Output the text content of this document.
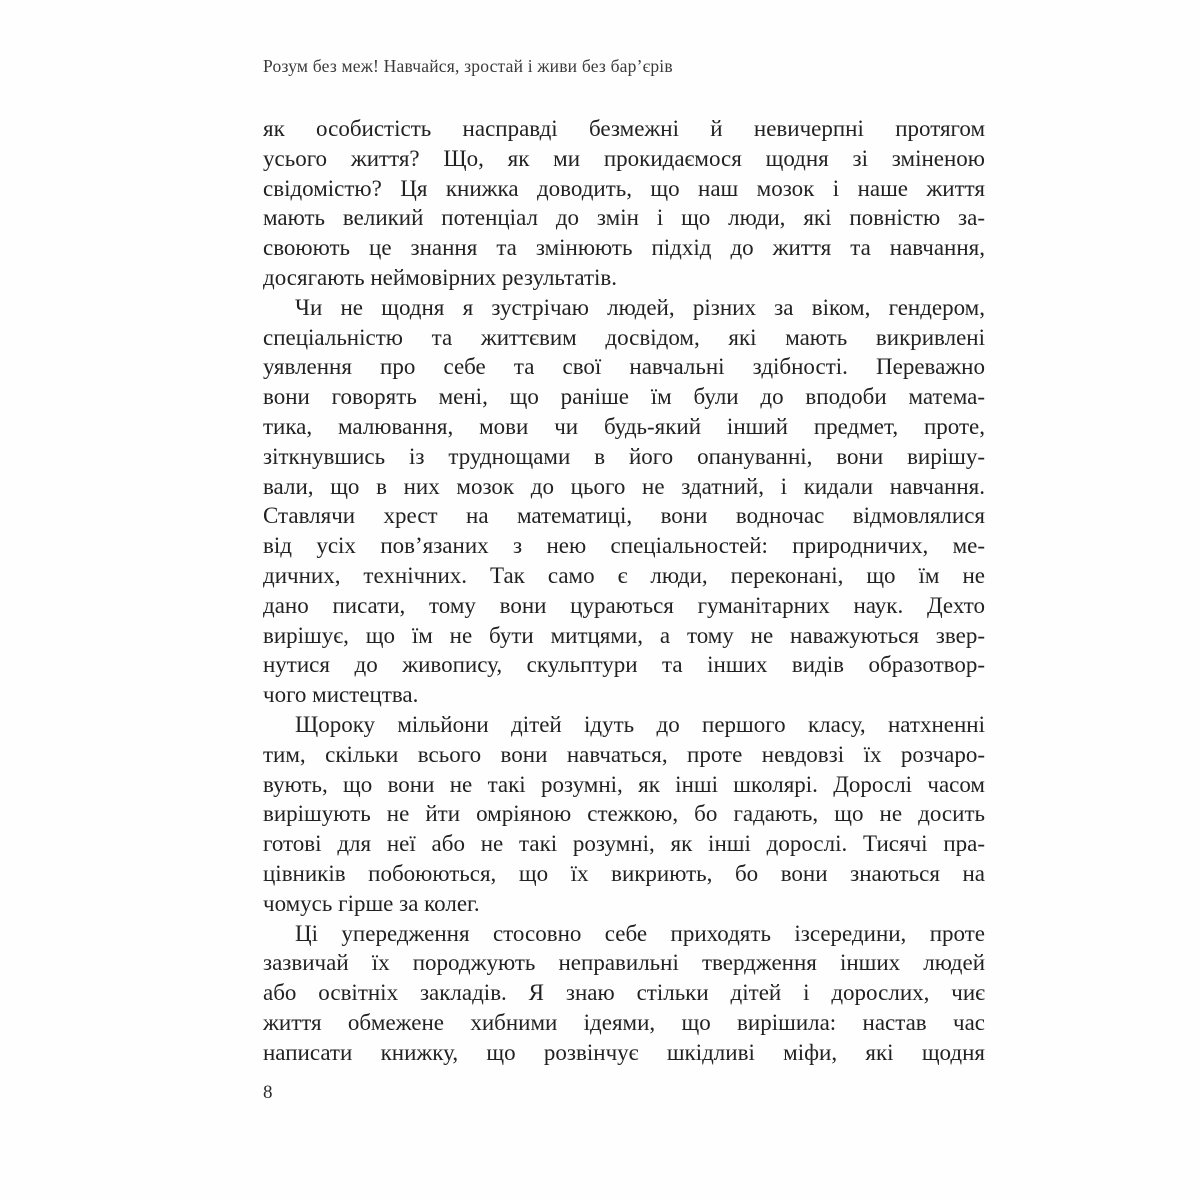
Розум без меж! Навчайся, зростай і живи без бар’єрів
як особистість насправді безмежні й невичерпні протягом
усього життя? Що, як ми прокидаємося щодня зі зміненою
свідомістю? Ця книжка доводить, що наш мозок і наше життя
мають великий потенціал до змін і що люди, які повністю за-
своюють це знання та змінюють підхід до життя та навчання,
досягають неймовірних результатів.
Чи не щодня я зустрічаю людей, різних за віком, гендером,
спеціальністю та життєвим досвідом, які мають викривлені
уявлення про себе та свої навчальні здібності. Переважно
вони говорять мені, що раніше їм були до вподоби матема-
тика, малювання, мови чи будь-який інший предмет, проте,
зіткнувшись із труднощами в його опануванні, вони вирішу-
вали, що в них мозок до цього не здатний, і кидали навчання.
Ставлячи хрест на математиці, вони водночас відмовлялися
від усіх пов’язаних з нею спеціальностей: природничих, ме-
дичних, технічних. Так само є люди, переконані, що їм не
дано писати, тому вони цураються гуманітарних наук. Дехто
вирішує, що їм не бути митцями, а тому не наважуються звер-
нутися до живопису, скульптури та інших видів образотвор-
чого мистецтва.
Щороку мільйони дітей ідуть до першого класу, натхненні
тим, скільки всього вони навчаться, проте невдовзі їх розчаро-
вують, що вони не такі розумні, як інші школярі. Дорослі часом
вирішують не йти омріяною стежкою, бо гадають, що не досить
готові для неї або не такі розумні, як інші дорослі. Тисячі пра-
цівників побоюються, що їх викриють, бо вони знаються на
чомусь гірше за колег.
Ці упередження стосовно себе приходять ізсередини, проте
зазвичай їх породжують неправильні твердження інших людей
або освітніх закладів. Я знаю стільки дітей і дорослих, чиє
життя обмежене хибними ідеями, що вирішила: настав час
написати книжку, що розвінчує шкідливі міфи, які щодня
8
